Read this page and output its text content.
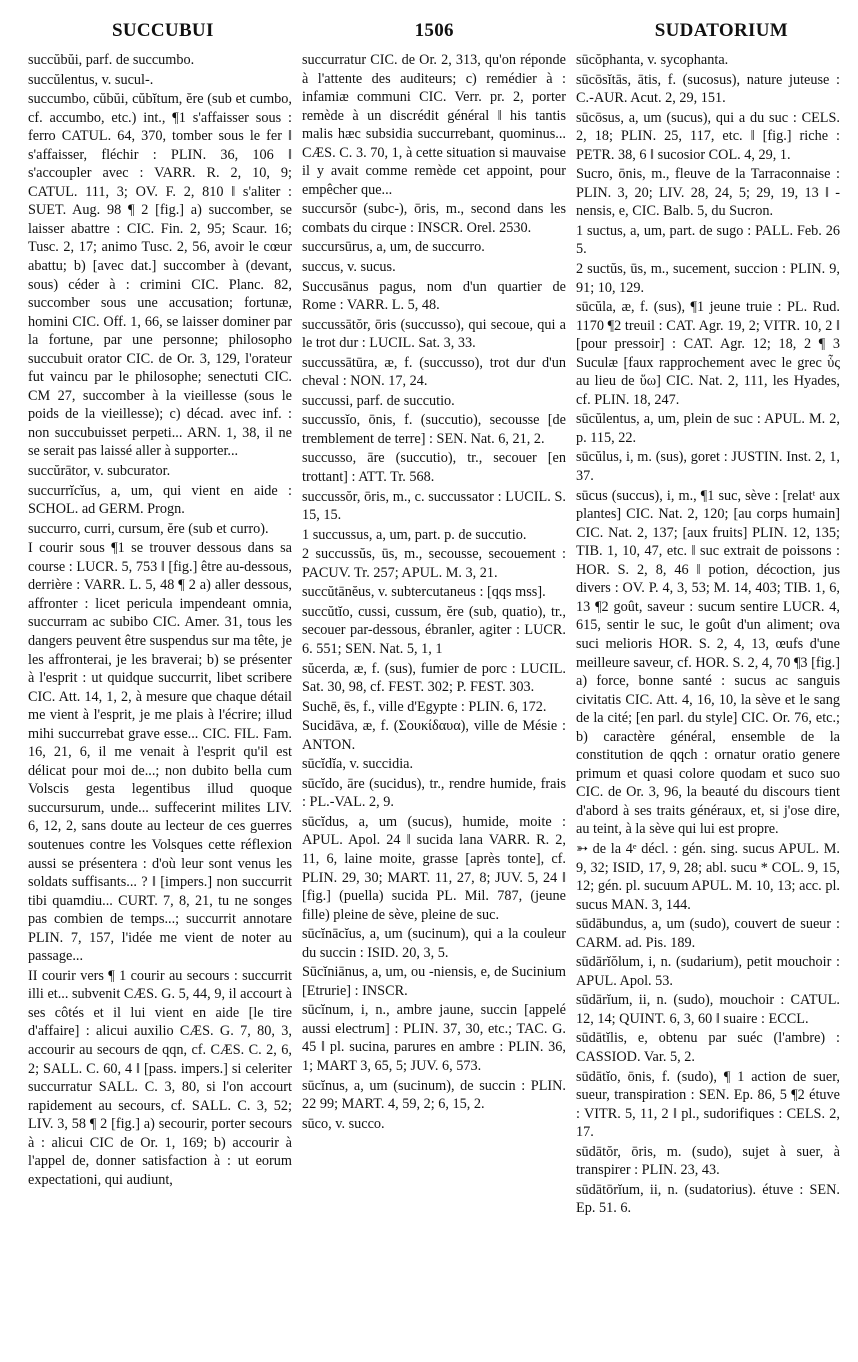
SUCCUBUI	1506	SUDATORIUM

succŭbŭi, parf. de succumbo.

succŭlentus, v. sucul-.

succumbo, cŭbŭi, cŭbĭtum, ĕre (sub et cumbo, cf. accumbo, etc.) int., ¶1 s'affaisser sous : ferro CATUL. 64, 370, tomber sous le fer ‖ s'affaisser, fléchir : PLIN. 36, 106 ‖ s'accoupler avec : VARR. R. 2, 10, 9; CATUL. 111, 3; OV. F. 2, 810 ‖ s'aliter : SUET. Aug. 98 ¶ 2 [fig.] a) succomber, se laisser abattre : CIC. Fin. 2, 95; Scaur. 16; Tusc. 2, 17; animo Tusc. 2, 56, avoir le cœur abattu; b) [avec dat.] succomber à (devant, sous) céder à : crimini CIC. Planc. 82, succomber sous une accusation; fortunæ, homini CIC. Off. 1, 66, se laisser dominer par la fortune, par une personne; philosopho succubuit orator CIC. de Or. 3, 129, l'orateur fut vaincu par le philosophe; senectuti CIC. CM 27, succomber à la vieillesse (sous le poids de la vieillesse); c) décad. avec inf. : non succubuisset perpeti... ARN. 1, 38, il ne se serait pas laissé aller à supporter...

succŭrātor, v. subcurator.

succurrĭcĭus, a, um, qui vient en aide : SCHOL. ad GERM. Progn.

succurro, curri, cursum, ĕre (sub et curro).

I courir sous ¶1 se trouver dessous dans sa course : LUCR. 5, 753 ‖ [fig.] être au-dessous, derrière : VARR. L. 5, 48 ¶ 2 a) aller dessous, affronter : licet pericula impendeant omnia, succurram ac subibo CIC. Amer. 31, tous les dangers peuvent être suspendus sur ma tête, je les affronterai, je les braverai; b) se présenter à l'esprit : ut quidque succurrit, libet scribere CIC. Att. 14, 1, 2, à mesure que chaque détail me vient à l'esprit, je me plais à l'écrire; illud mihi succurrebat grave esse... CIC. FIL. Fam. 16, 21, 6, il me venait à l'esprit qu'il est délicat pour moi de...; non dubito bella cum Volscis gesta legentibus illud quoque succursurum, unde... suffecerint milites LIV. 6, 12, 2, sans doute au lecteur de ces guerres soutenues contre les Volsques cette réflexion aussi se présentera : d'où leur sont venus les soldats suffisants... ? ‖ [impers.] non succurrit tibi quamdiu... CURT. 7, 8, 21, tu ne songes pas combien de temps...; succurrit annotare PLIN. 7, 157, l'idée me vient de noter au passage...

II courir vers ¶ 1 courir au secours : succurrit illi et... subvenit CÆS. G. 5, 44, 9, il accourt à ses côtés et il lui vient en aide [le tire d'affaire] : alicui auxilio CÆS. G. 7, 80, 3, accourir au secours de qqn, cf. CÆS. C. 2, 6, 2; SALL. C. 60, 4 ‖ [pass. impers.] si celeriter succurratur SALL. C. 3, 80, si l'on accourt rapidement au secours, cf. SALL. C. 3, 52; LIV. 3, 58 ¶ 2 [fig.] a) secourir, porter secours à : alicui CIC de Or. 1, 169; b) accourir à l'appel de, donner satisfaction à : ut eorum expectationi, qui audiunt,

succurratur CIC. de Or. 2, 313, qu'on réponde à l'attente des auditeurs; c) remédier à : infamiæ communi CIC. Verr. pr. 2, porter remède à un discrédit général ‖ his tantis malis hæc subsidia succurrebant, quominus... CÆS. C. 3. 70, 1, à cette situation si mauvaise il y avait comme remède cet appoint, pour empêcher que...

succursŏr (subc-), ōris, m., second dans les combats du cirque : INSCR. Orel. 2530.

succursūrus, a, um, de succurro.

succus, v. sucus.

Succusānus pagus, nom d'un quartier de Rome : VARR. L. 5, 48.

succussātŏr, ōris (succusso), qui secoue, qui a le trot dur : LUCIL. Sat. 3, 33.

succussātūra, æ, f. (succusso), trot dur d'un cheval : NON. 17, 24.

succussi, parf. de succutio.

succussĭo, ōnis, f. (succutio), secousse [de tremblement de terre] : SEN. Nat. 6, 21, 2.

succusso, āre (succutio), tr., secouer [en trottant] : ATT. Tr. 568.

succussŏr, ōris, m., c. succussator : LUCIL. S. 15, 15.

1 succussus, a, um, part. p. de succutio.

2 succussŭs, ūs, m., secousse, secouement : PACUV. Tr. 257; APUL. M. 3, 21.

succŭtānĕus, v. subtercutaneus : [qqs mss].

succŭtĭo, cussi, cussum, ĕre (sub, quatio), tr., secouer par-dessous, ébranler, agiter : LUCR. 6. 551; SEN. Nat. 5, 1, 1

sŭcerda, æ, f. (sus), fumier de porc : LUCIL. Sat. 30, 98, cf. FEST. 302; P. FEST. 303.

Suchē, ēs, f., ville d'Egypte : PLIN. 6, 172.

Sucidāva, æ, f. (Σουκίδαυα), ville de Mésie : ANTON.

sūcĭdĭa, v. succidia.

sūcĭdo, āre (sucidus), tr., rendre humide, frais : PL.-VAL. 2, 9.

sūcĭdus, a, um (sucus), humide, moite : APUL. Apol. 24 ‖ sucida lana VARR. R. 2, 11, 6, laine moite, grasse [après tonte], cf. PLIN. 29, 30; MART. 11, 27, 8; JUV. 5, 24 ‖ [fig.] (puella) sucida PL. Mil. 787, (jeune fille) pleine de sève, pleine de suc.

sūcĭnācĭus, a, um (sucinum), qui a la couleur du succin : ISID. 20, 3, 5.

Sūcĭniānus, a, um, ou -niensis, e, de Sucinium [Etrurie] : INSCR.

sūcĭnum, i, n., ambre jaune, succin [appelé aussi electrum] : PLIN. 37, 30, etc.; TAC. G. 45 ‖ pl. sucina, parures en ambre : PLIN. 36, 1; MART 3, 65, 5; JUV. 6, 573.

sūcĭnus, a, um (sucinum), de succin : PLIN. 22 99; MART. 4, 59, 2; 6, 15, 2.

sūco, v. succo.

sūcŏphanta, v. sycophanta.

sūcōsĭtās, ātis, f. (sucosus), nature juteuse : C.-AUR. Acut. 2, 29, 151.

sūcōsus, a, um (sucus), qui a du suc : CELS. 2, 18; PLIN. 25, 117, etc. ‖ [fig.] riche : PETR. 38, 6 ‖ sucosior COL. 4, 29, 1.

Sucro, ōnis, m., fleuve de la Tarraconnaise : PLIN. 3, 20; LIV. 28, 24, 5; 29, 19, 13 ‖ -nensis, e, CIC. Balb. 5, du Sucron.

1 suctus, a, um, part. de sugo : PALL. Feb. 26 5.

2 suctŭs, ūs, m., sucement, succion : PLIN. 9, 91; 10, 129.

sūcŭla, æ, f. (sus), ¶1 jeune truie : PL. Rud. 1170 ¶2 treuil : CAT. Agr. 19, 2; VITR. 10, 2 ‖ [pour pressoir] : CAT. Agr. 12; 18, 2 ¶ 3 Suculæ [faux rapprochement avec le grec ὗς au lieu de ὕω] CIC. Nat. 2, 111, les Hyades, cf. PLIN. 18, 247.

sūcŭlentus, a, um, plein de suc : APUL. M. 2, p. 115, 22.

sūcŭlus, i, m. (sus), goret : JUSTIN. Inst. 2, 1, 37.

sūcus (succus), i, m., ¶1 suc, sève : [relatᵗ aux plantes] CIC. Nat. 2, 120; [au corps humain] CIC. Nat. 2, 137; [aux fruits] PLIN. 12, 135; TIB. 1, 10, 47, etc. ‖ suc extrait de poissons : HOR. S. 2, 8, 46 ‖ potion, décoction, jus divers : OV. P. 4, 3, 53; M. 14, 403; TIB. 1, 6, 13 ¶2 goût, saveur : sucum sentire LUCR. 4, 615, sentir le suc, le goût d'un aliment; ova suci melioris HOR. S. 2, 4, 13, œufs d'une meilleure saveur, cf. HOR. S. 2, 4, 70 ¶3 [fig.] a) force, bonne santé : sucus ac sanguis civitatis CIC. Att. 4, 16, 10, la sève et le sang de la cité; [en parl. du style] CIC. Or. 76, etc.; b) caractère général, ensemble de la constitution de qqch : ornatur oratio genere primum et quasi colore quodam et suco suo CIC. de Or. 3, 96, la beauté du discours tient d'abord à ses traits généraux, et, si j'ose dire, au teint, à la sève qui lui est propre.

➳ de la 4ᵉ décl. : gén. sing. sucus APUL. M. 9, 32; ISID, 17, 9, 28; abl. sucu * COL. 9, 15, 12; gén. pl. sucuum APUL. M. 10, 13; acc. pl. sucus MAN. 3, 144.

sūdābundus, a, um (sudo), couvert de sueur : CARM. ad. Pis. 189.

sūdārĭŏlum, i, n. (sudarium), petit mouchoir : APUL. Apol. 53.

sūdārĭum, ii, n. (sudo), mouchoir : CATUL. 12, 14; QUINT. 6, 3, 60 ‖ suaire : ECCL.

sūdātĭlis, e, obtenu par suéc (l'ambre) : CASSIOD. Var. 5, 2.

sūdātĭo, ōnis, f. (sudo), ¶ 1 action de suer, sueur, transpiration : SEN. Ep. 86, 5 ¶2 étuve : VITR. 5, 11, 2 ‖ pl., sudorifiques : CELS. 2, 17.

sūdātŏr, ōris, m. (sudo), sujet à suer, à transpirer : PLIN. 23, 43.

sūdātōrĭum, ii, n. (sudatorius). étuve : SEN. Ep. 51. 6.
